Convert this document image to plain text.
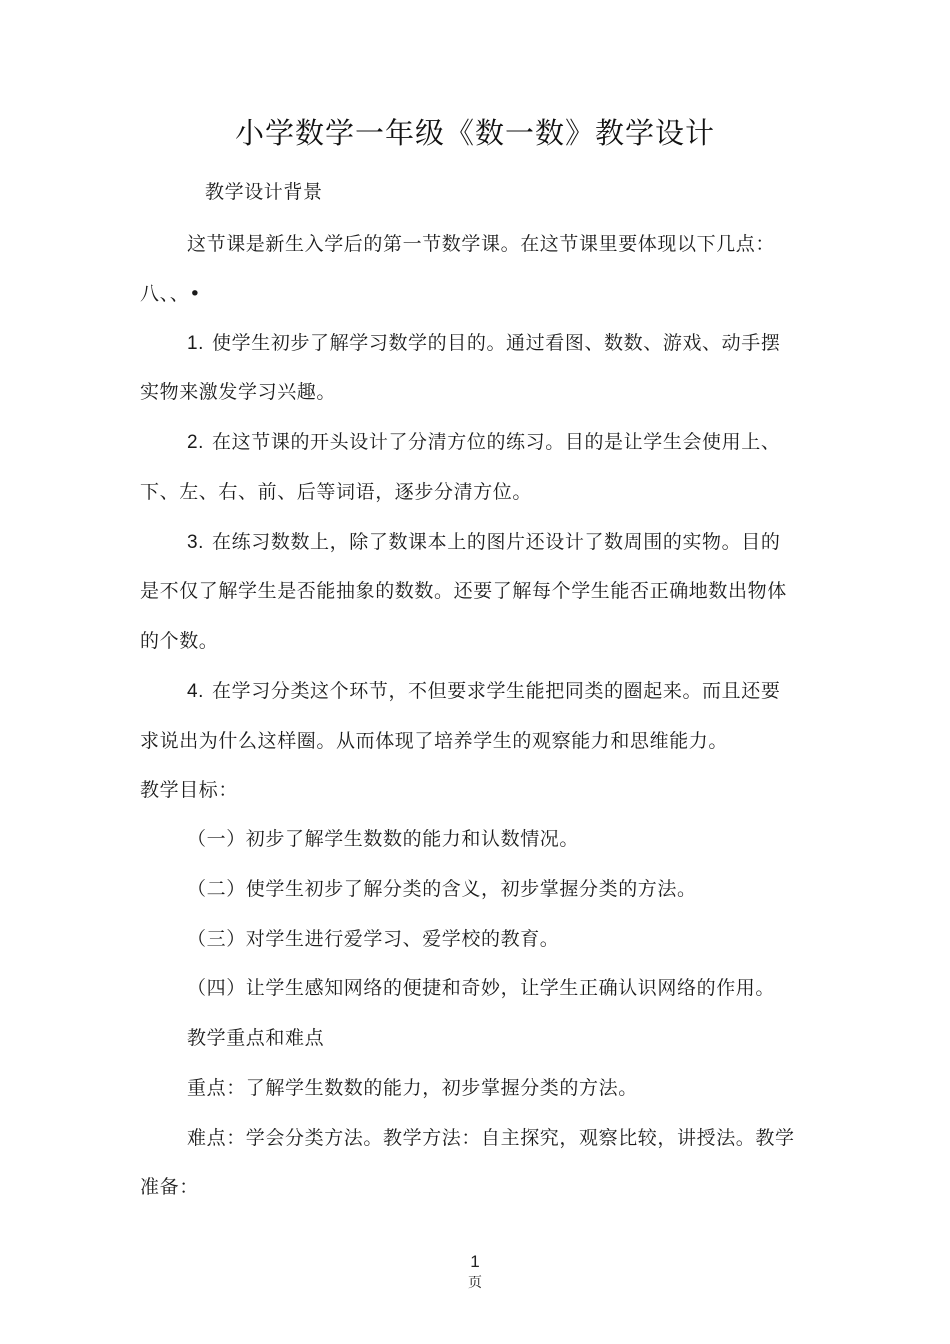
小学数学一年级《数一数》教学设计
教学设计背景
这节课是新生入学后的第一节数学课。在这节课里要体现以下几点：
八、、•
1. 使学生初步了解学习数学的目的。通过看图、数数、游戏、动手摆
实物来激发学习兴趣。
2. 在这节课的开头设计了分清方位的练习。目的是让学生会使用上、
下、左、右、前、后等词语，逐步分清方位。
3. 在练习数数上，除了数课本上的图片还设计了数周围的实物。目的
是不仅了解学生是否能抽象的数数。还要了解每个学生能否正确地数出物体
的个数。
4. 在学习分类这个环节，不但要求学生能把同类的圈起来。而且还要
求说出为什么这样圈。从而体现了培养学生的观察能力和思维能力。
教学目标：
（一）初步了解学生数数的能力和认数情况。
（二）使学生初步了解分类的含义，初步掌握分类的方法。
（三）对学生进行爱学习、爱学校的教育。
（四）让学生感知网络的便捷和奇妙，让学生正确认识网络的作用。
教学重点和难点
重点：了解学生数数的能力，初步掌握分类的方法。
难点：学会分类方法。教学方法：自主探究，观察比较，讲授法。教学
准备：
1
页
